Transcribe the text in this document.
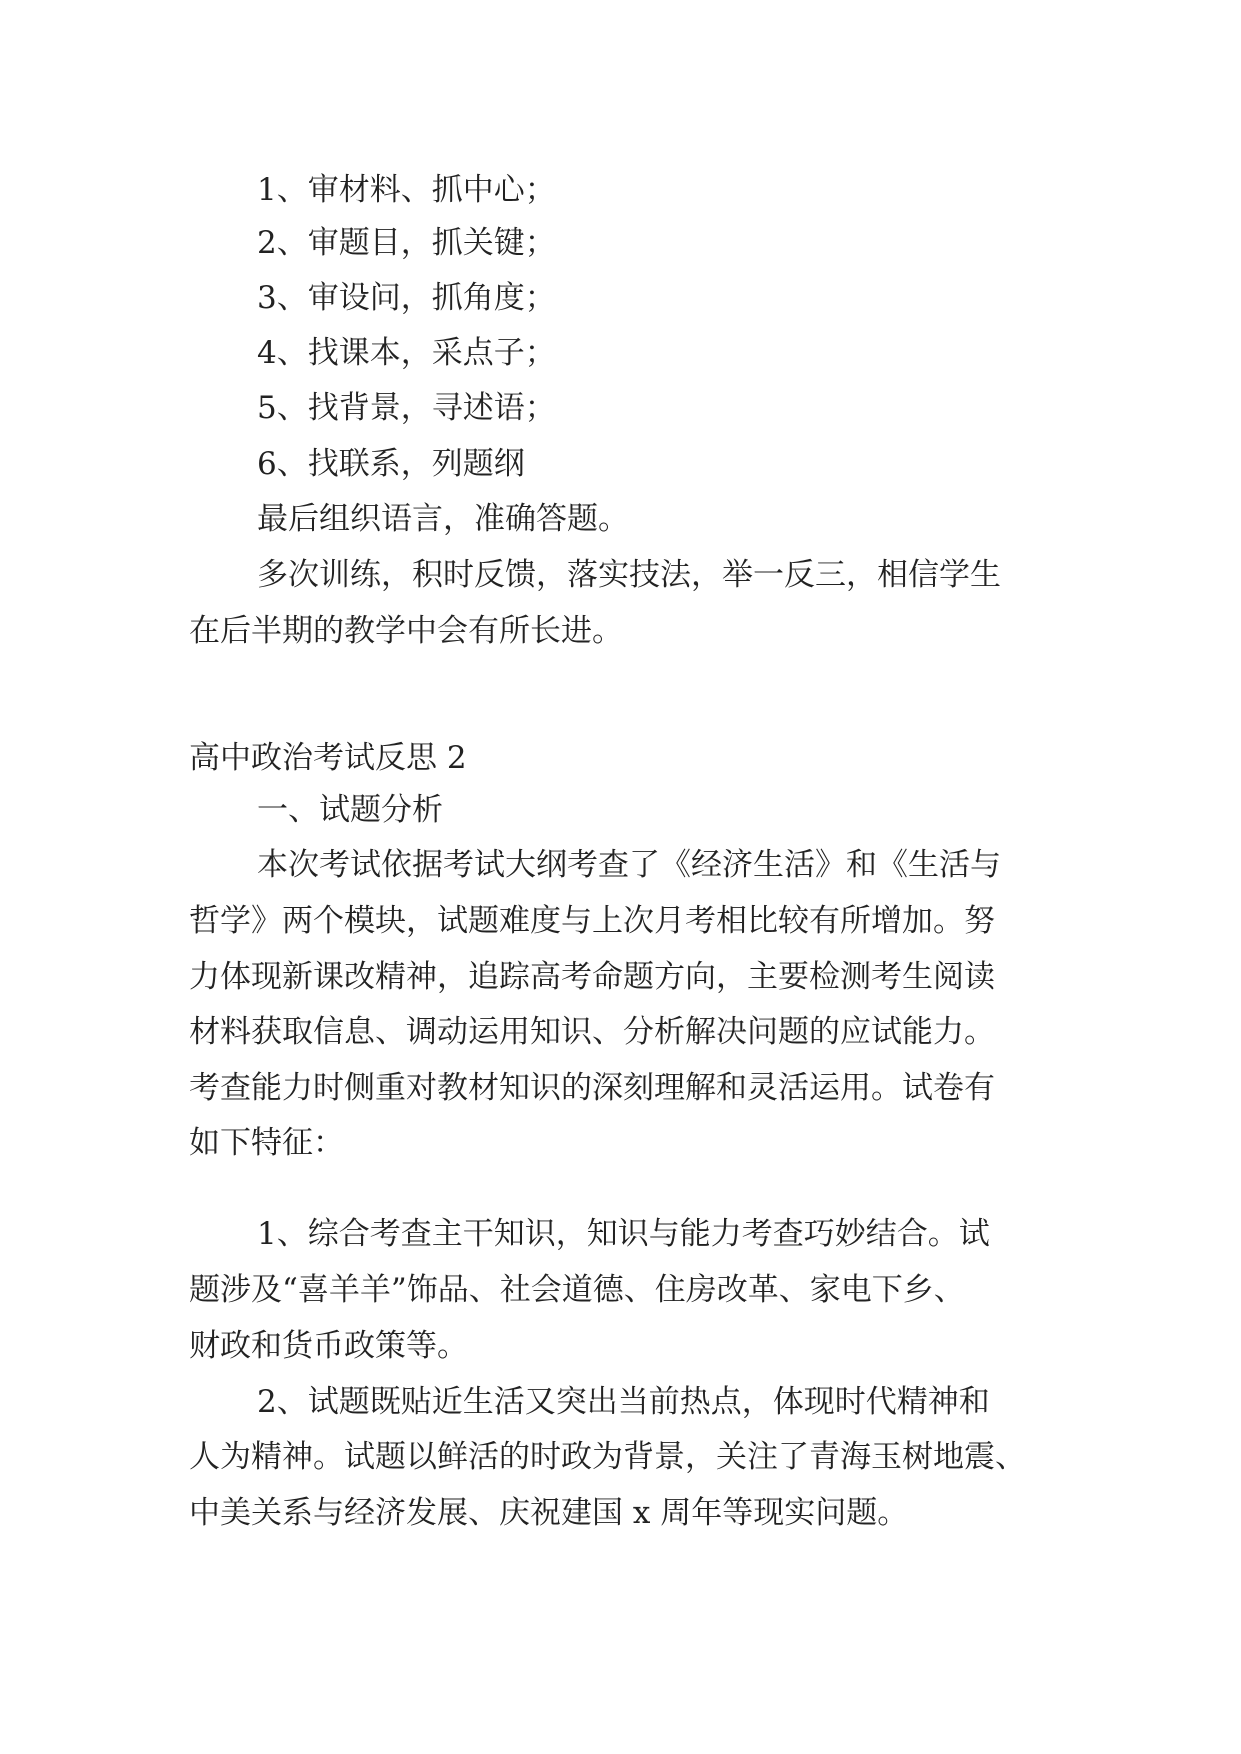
1、审材料、抓中心；
2、审题目，抓关键；
3、审设问，抓角度；
4、找课本，采点子；
5、找背景，寻述语；
6、找联系，列题纲
最后组织语言，准确答题。
多次训练，积时反馈，落实技法，举一反三，相信学生
在后半期的教学中会有所长进。
高中政治考试反思 2
一、试题分析
本次考试依据考试大纲考查了《经济生活》和《生活与
哲学》两个模块，试题难度与上次月考相比较有所增加。努
力体现新课改精神，追踪高考命题方向，主要检测考生阅读
材料获取信息、调动运用知识、分析解决问题的应试能力。
考查能力时侧重对教材知识的深刻理解和灵活运用。试卷有
如下特征：
1、综合考查主干知识，知识与能力考查巧妙结合。试
题涉及“喜羊羊”饰品、社会道德、住房改革、家电下乡、
财政和货币政策等。
2、试题既贴近生活又突出当前热点，体现时代精神和
人为精神。试题以鲜活的时政为背景，关注了青海玉树地震、
中美关系与经济发展、庆祝建国 x 周年等现实问题。
